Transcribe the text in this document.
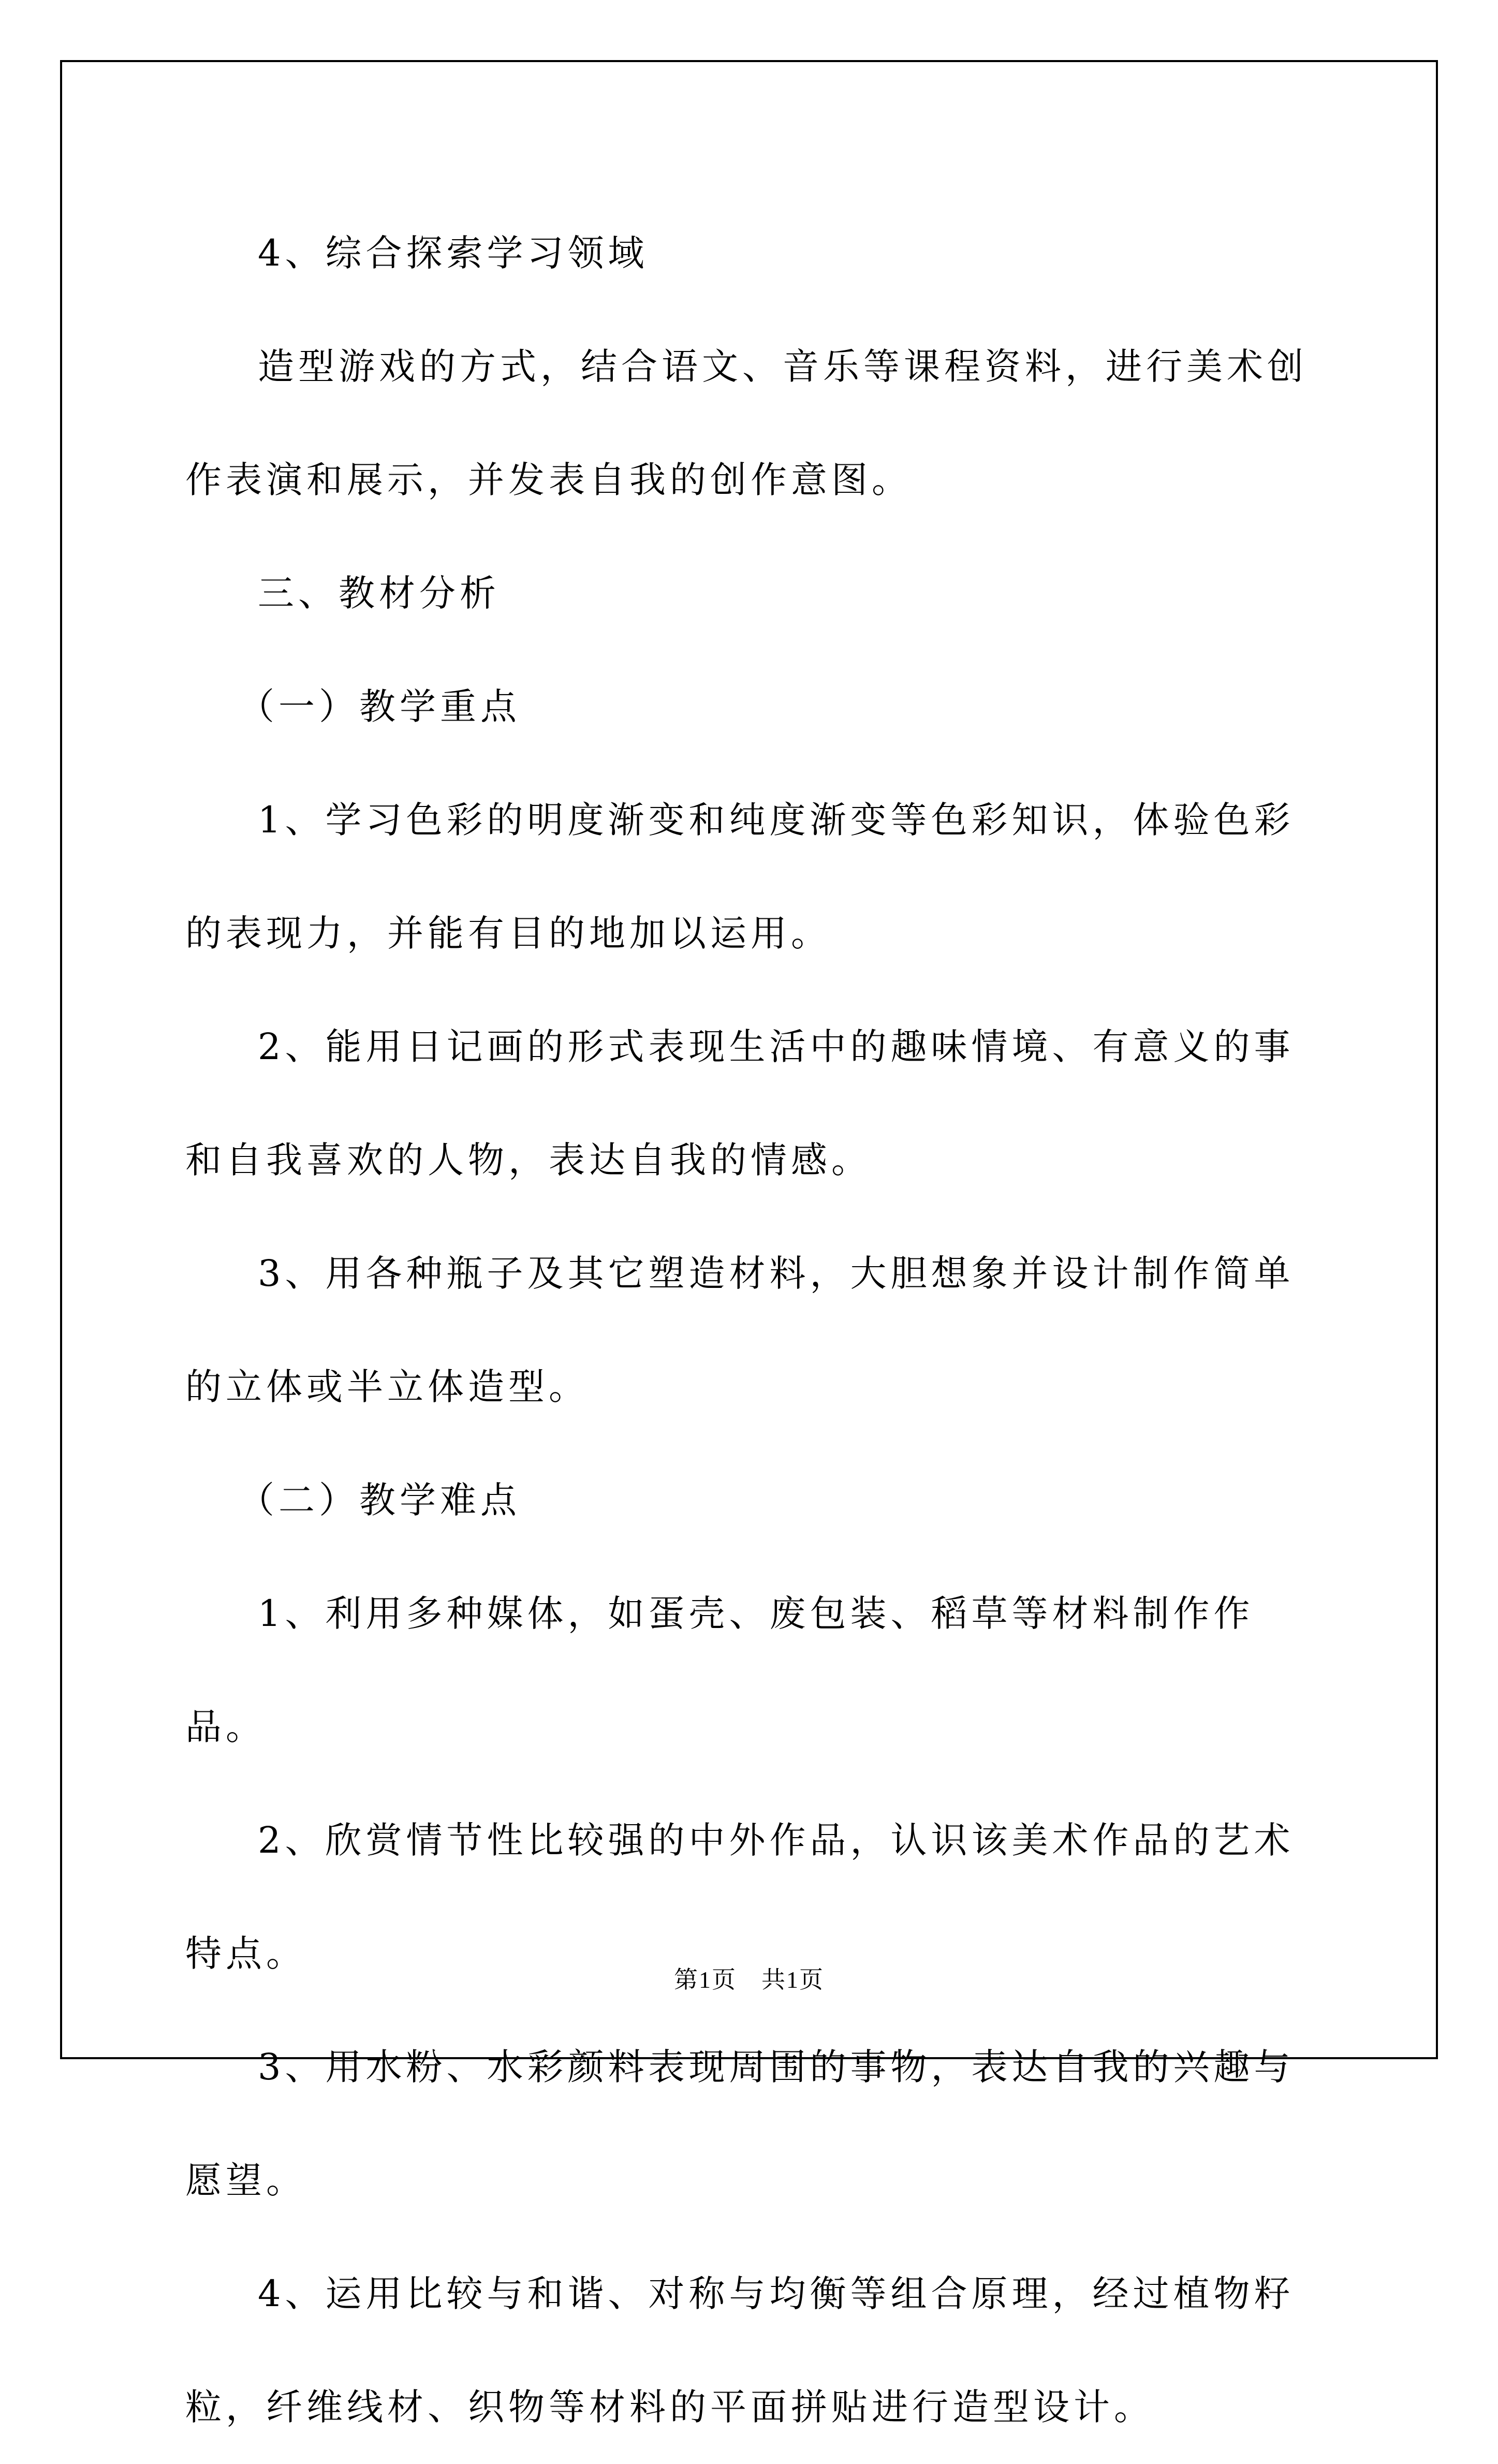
4、综合探索学习领域

造型游戏的方式，结合语文、音乐等课程资料，进行美术创作表演和展示，并发表自我的创作意图。

三、教材分析

（一）教学重点

1、学习色彩的明度渐变和纯度渐变等色彩知识，体验色彩的表现力，并能有目的地加以运用。

2、能用日记画的形式表现生活中的趣味情境、有意义的事和自我喜欢的人物，表达自我的情感。

3、用各种瓶子及其它塑造材料，大胆想象并设计制作简单的立体或半立体造型。

（二）教学难点

1、利用多种媒体，如蛋壳、废包装、稻草等材料制作作品。

2、欣赏情节性比较强的中外作品，认识该美术作品的艺术特点。

3、用水粉、水彩颜料表现周围的事物，表达自我的兴趣与愿望。

4、运用比较与和谐、对称与均衡等组合原理，经过植物籽粒，纤维线材、织物等材料的平面拼贴进行造型设计。

第1页　共1页
